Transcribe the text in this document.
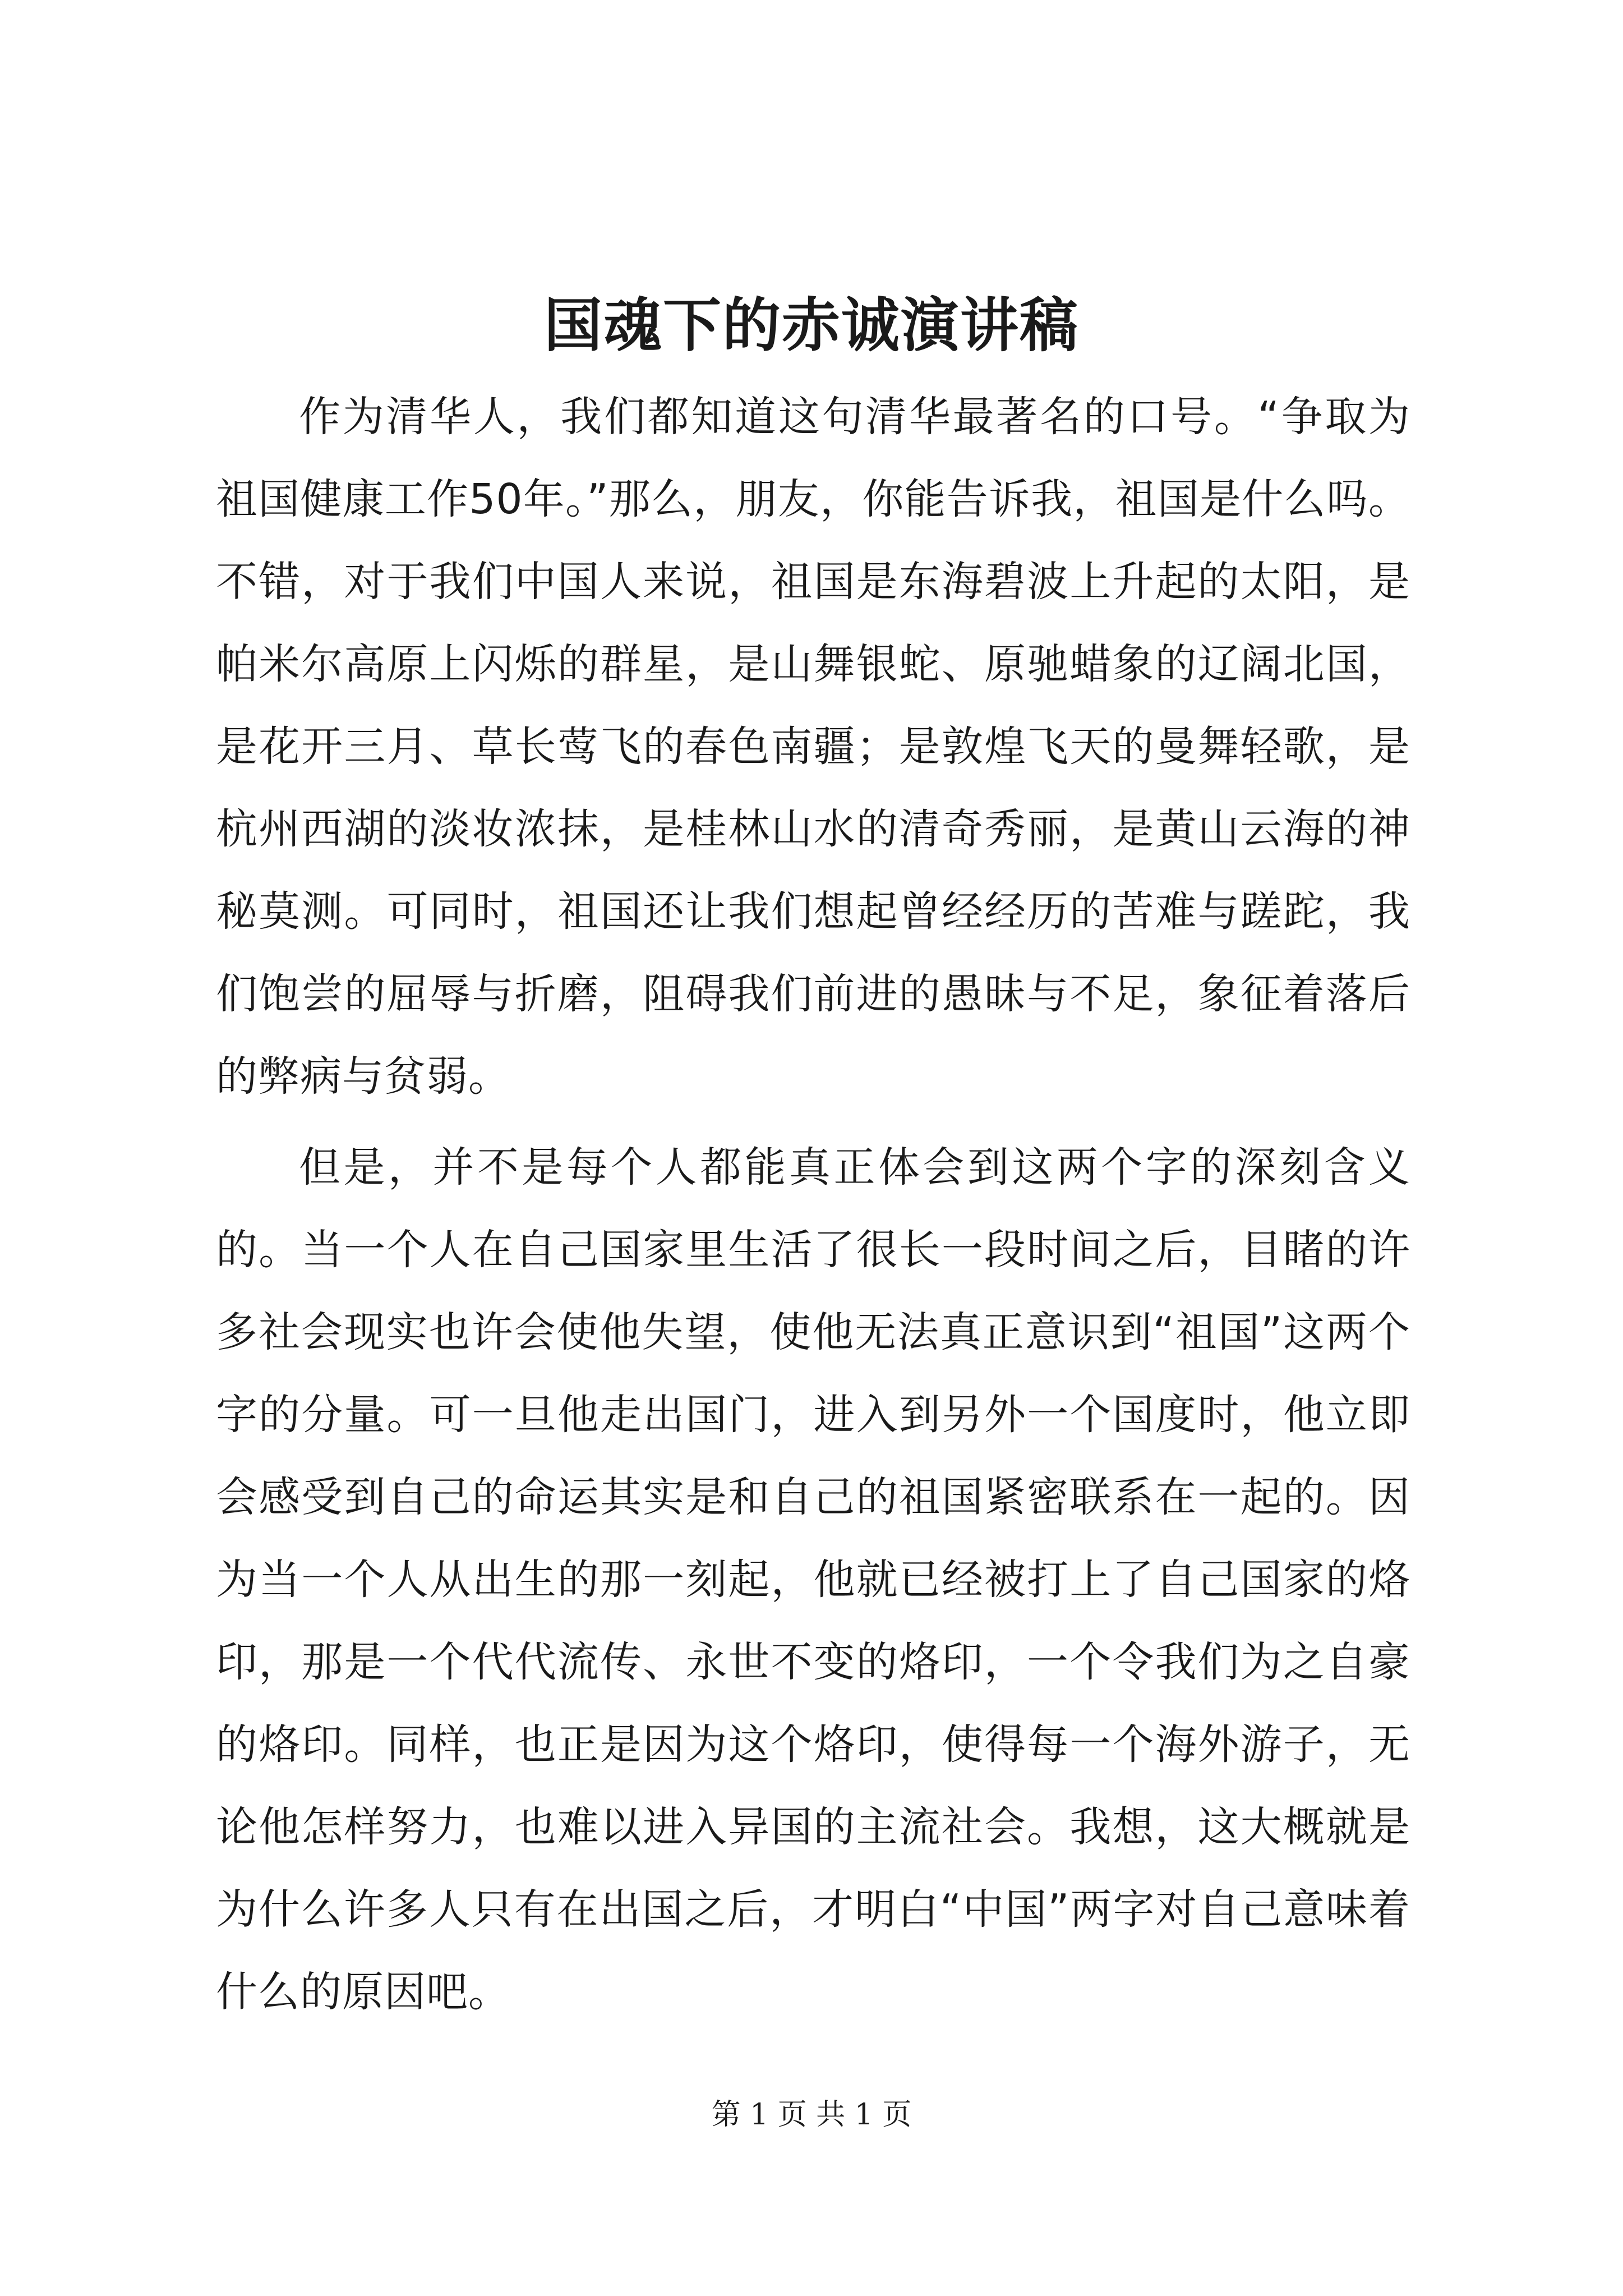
国魂下的赤诚演讲稿

作为清华人，我们都知道这句清华最著名的口号。“争取为祖国健康工作50年。”那么，朋友，你能告诉我，祖国是什么吗。不错，对于我们中国人来说，祖国是东海碧波上升起的太阳，是帕米尔高原上闪烁的群星，是山舞银蛇、原驰蜡象的辽阔北国，是花开三月、草长莺飞的春色南疆；是敦煌飞天的曼舞轻歌，是杭州西湖的淡妆浓抹，是桂林山水的清奇秀丽，是黄山云海的神秘莫测。可同时，祖国还让我们想起曾经经历的苦难与蹉跎，我们饱尝的屈辱与折磨，阻碍我们前进的愚昧与不足，象征着落后的弊病与贫弱。

但是，并不是每个人都能真正体会到这两个字的深刻含义的。当一个人在自己国家里生活了很长一段时间之后，目睹的许多社会现实也许会使他失望，使他无法真正意识到“祖国”这两个字的分量。可一旦他走出国门，进入到另外一个国度时，他立即会感受到自己的命运其实是和自己的祖国紧密联系在一起的。因为当一个人从出生的那一刻起，他就已经被打上了自己国家的烙印，那是一个代代流传、永世不变的烙印，一个令我们为之自豪的烙印。同样，也正是因为这个烙印，使得每一个海外游子，无论他怎样努力，也难以进入异国的主流社会。我想，这大概就是为什么许多人只有在出国之后，才明白“中国”两字对自己意味着什么的原因吧。

第 1 页 共 1 页
